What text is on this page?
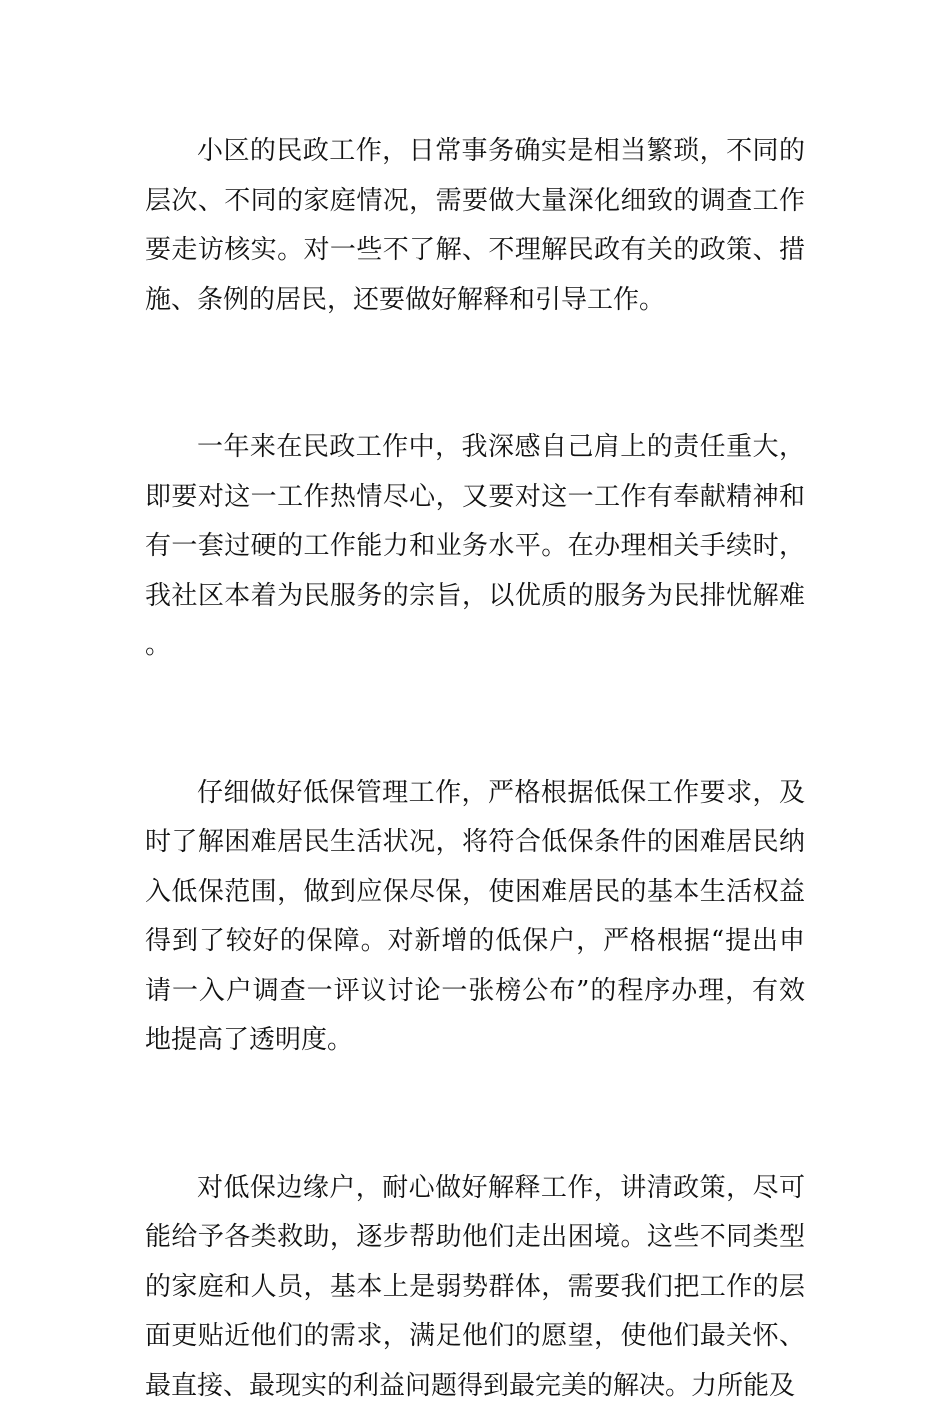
小区的民政工作，日常事务确实是相当繁琐，不同的层次、不同的家庭情况，需要做大量深化细致的调查工作要走访核实。对一些不了解、不理解民政有关的政策、措施、条例的居民，还要做好解释和引导工作。

一年来在民政工作中，我深感自己肩上的责任重大，即要对这一工作热情尽心，又要对这一工作有奉献精神和有一套过硬的工作能力和业务水平。在办理相关手续时，我社区本着为民服务的宗旨，以优质的服务为民排忧解难。

仔细做好低保管理工作，严格根据低保工作要求，及时了解困难居民生活状况，将符合低保条件的困难居民纳入低保范围，做到应保尽保，使困难居民的基本生活权益得到了较好的保障。对新增的低保户，严格根据“提出申请一入户调查一评议讨论一张榜公布”的程序办理，有效地提高了透明度。

对低保边缘户，耐心做好解释工作，讲清政策，尽可能给予各类救助，逐步帮助他们走出困境。这些不同类型的家庭和人员，基本上是弱势群体，需要我们把工作的层面更贴近他们的需求，满足他们的愿望，使他们最关怀、最直接、最现实的利益问题得到最完美的解决。力所能及
